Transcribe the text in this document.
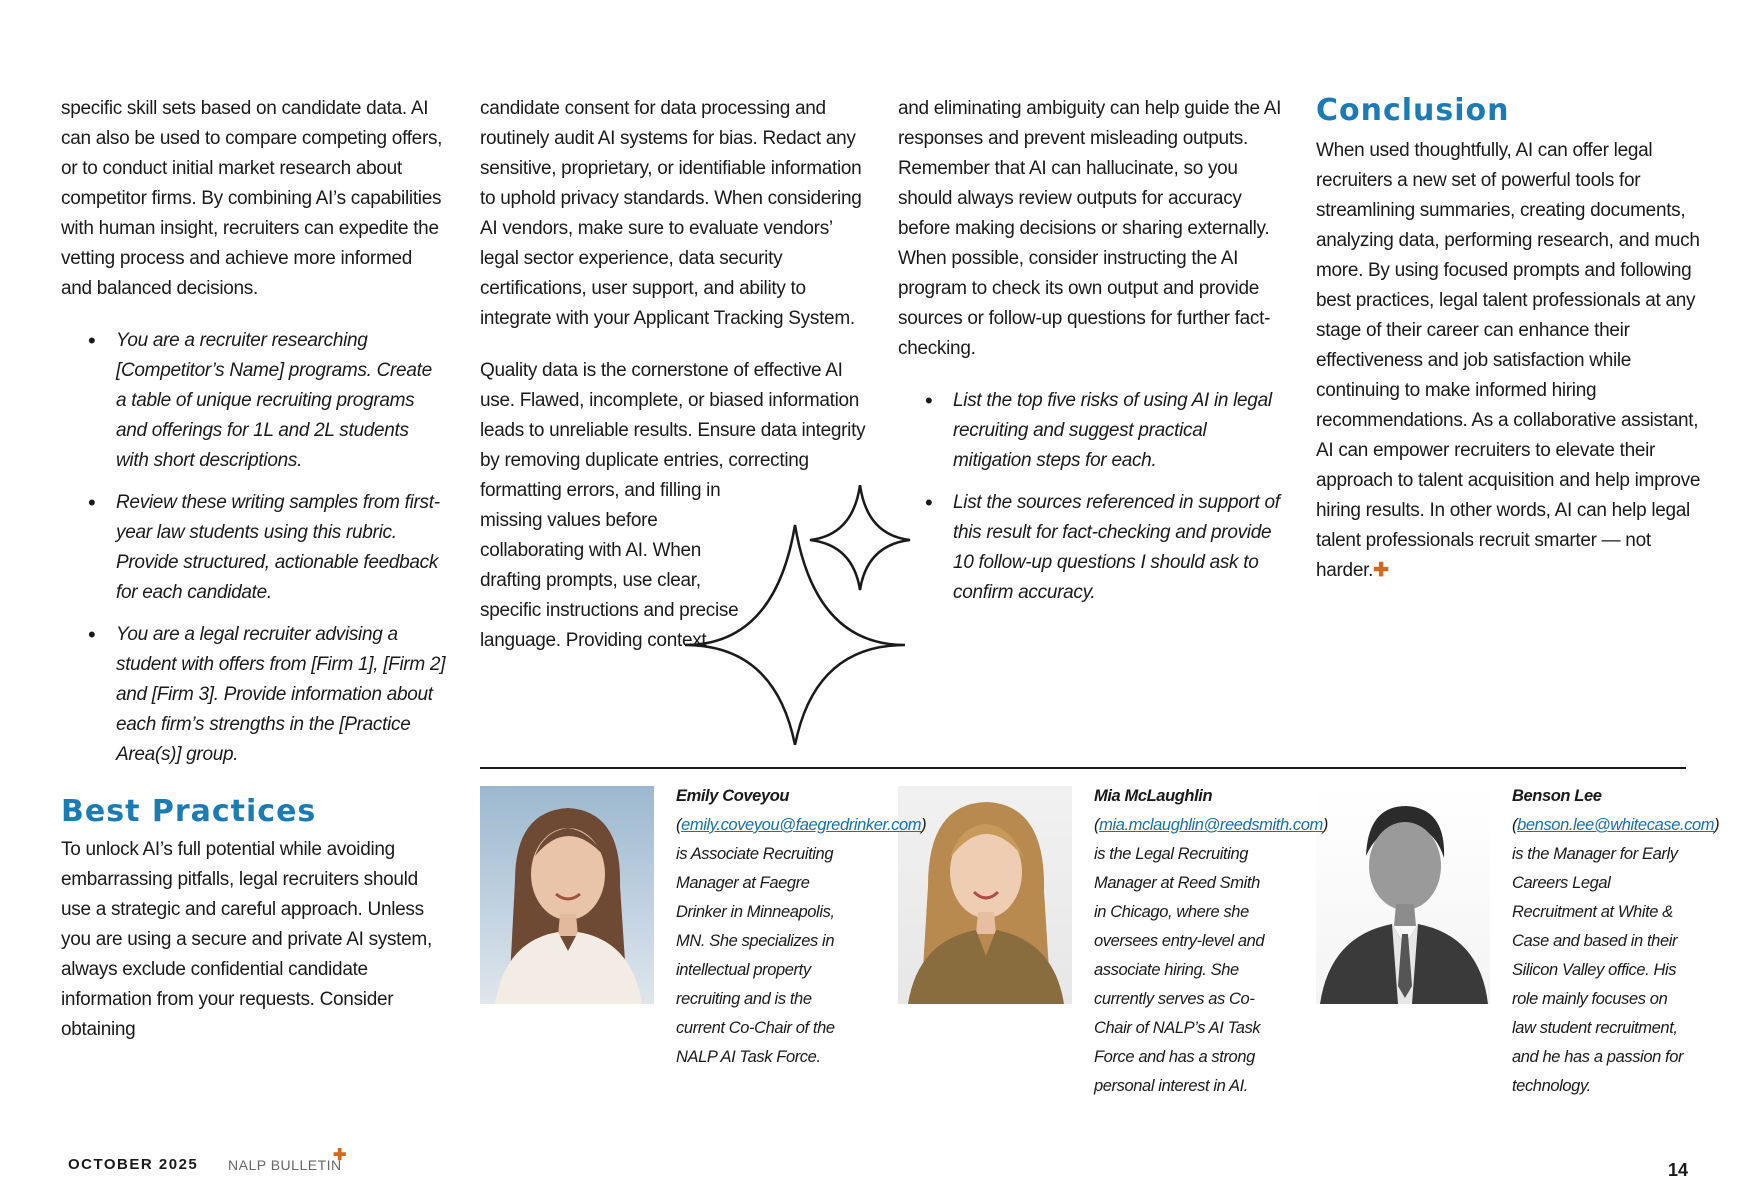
specific skill sets based on candidate data. AI can also be used to compare competing offers, or to conduct initial market research about competitor firms. By combining AI’s capabilities with human insight, recruiters can expedite the vetting process and achieve more informed and balanced decisions.

• You are a recruiter researching [Competitor’s Name] programs. Create a table of unique recruiting programs and offerings for 1L and 2L students with short descriptions.
• Review these writing samples from first-year law students using this rubric. Provide structured, actionable feedback for each candidate.
• You are a legal recruiter advising a student with offers from [Firm 1], [Firm 2] and [Firm 3]. Provide information about each firm’s strengths in the [Practice Area(s)] group.
Best Practices

To unlock AI’s full potential while avoiding embarrassing pitfalls, legal recruiters should use a strategic and careful approach. Unless you are using a secure and private AI system, always exclude confidential candidate information from your requests. Consider obtaining

candidate consent for data processing and routinely audit AI systems for bias. Redact any sensitive, proprietary, or identifiable information to uphold privacy standards. When considering AI vendors, make sure to evaluate vendors’ legal sector experience, data security certifications, user support, and ability to integrate with your Applicant Tracking System.

Quality data is the cornerstone of effective AI use. Flawed, incomplete, or biased information leads to unreliable results. Ensure data integrity by removing duplicate entries, correcting

formatting errors, and filling in missing values before collaborating with AI. When drafting prompts, use clear, specific instructions and precise language. Providing context

and eliminating ambiguity can help guide the AI responses and prevent misleading outputs. Remember that AI can hallucinate, so you should always review outputs for accuracy before making decisions or sharing externally. When possible, consider instructing the AI program to check its own output and provide sources or follow-up questions for further fact-checking.

• List the top five risks of using AI in legal recruiting and suggest practical mitigation steps for each.
• List the sources referenced in support of this result for fact-checking and provide 10 follow-up questions I should ask to confirm accuracy.
Conclusion

When used thoughtfully, AI can offer legal recruiters a new set of powerful tools for streamlining summaries, creating documents, analyzing data, performing research, and much more. By using focused prompts and following best practices, legal talent professionals at any stage of their career can enhance their effectiveness and job satisfaction while continuing to make informed hiring recommendations. As a collaborative assistant, AI can empower recruiters to elevate their approach to talent acquisition and help improve hiring results. In other words, AI can help legal talent professionals recruit smarter — not harder.✚

Emily Coveyou (emily.coveyou@faegredrinker.comis Associate Recruiting Manager at Faegre Drinker in Minneapolis, MN. She specializes in intellectual property recruiting and is the current Co-Chair of the NALP AI Task Force.

Mia McLaughlin (mia.mclaughlin@reedsmith.comis the Legal Recruiting Manager at Reed Smith in Chicago, where she oversees entry-level and associate hiring. She currently serves as Co-Chair of NALP’s AI Task Force and has a strong personal interest in AI.

Benson Lee (benson.lee@whitecase.com) is the Manager for Early Careers Legal Recruitment at White & Case and based in their Silicon Valley office. His role mainly focuses on law student recruitment, and he has a passion for technology.

OCTOBER 2025 NALP BULLETIN
✚
14
